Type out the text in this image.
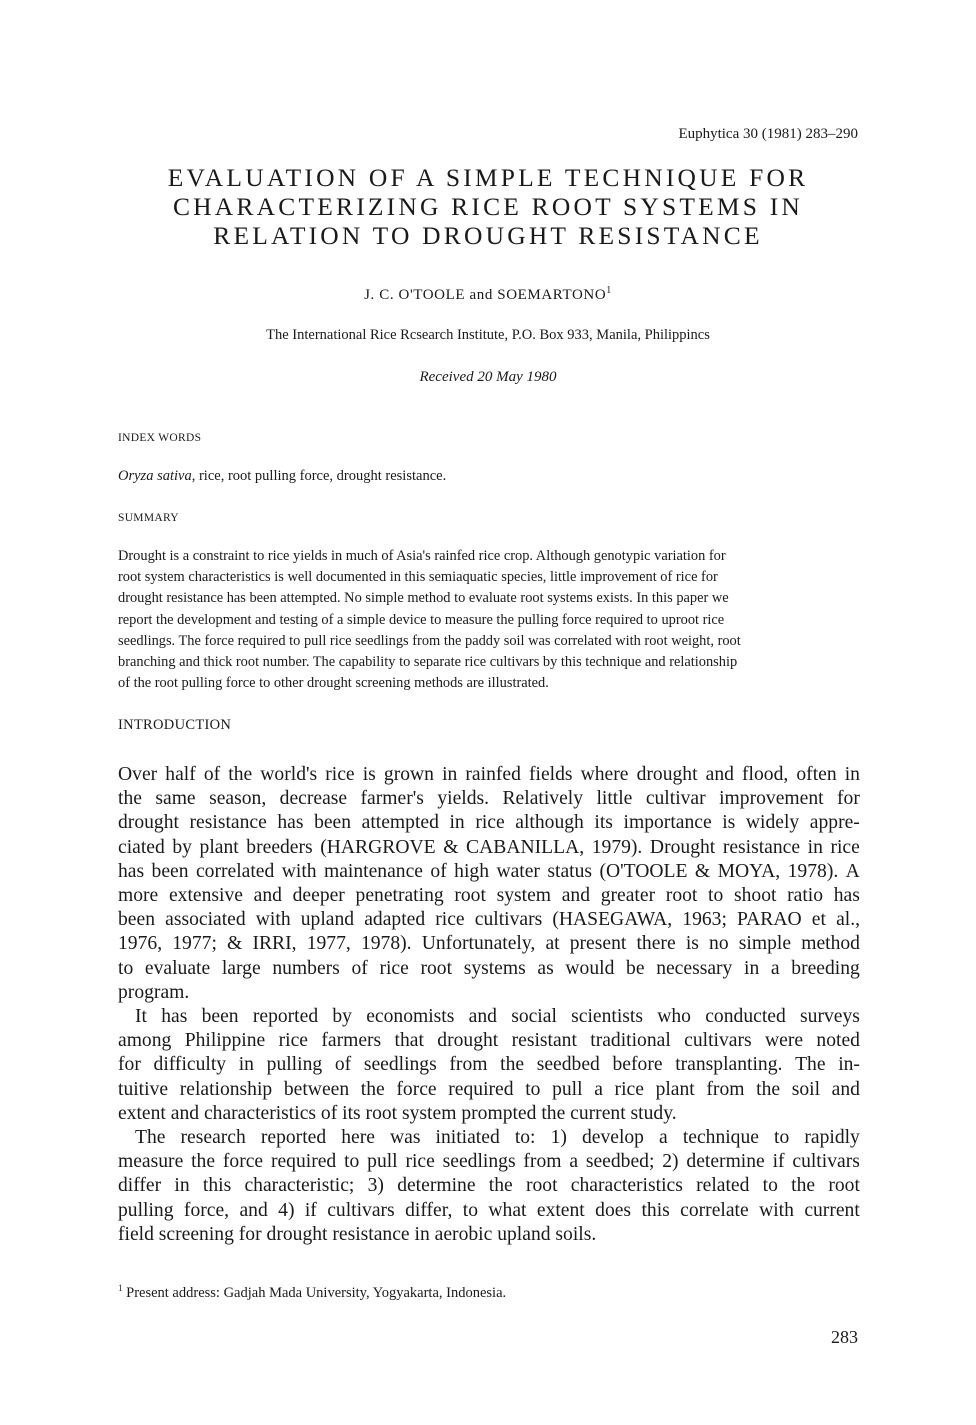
Euphytica 30 (1981) 283–290
EVALUATION OF A SIMPLE TECHNIQUE FOR
CHARACTERIZING RICE ROOT SYSTEMS IN
RELATION TO DROUGHT RESISTANCE
J. C. O'TOOLE and SOEMARTONO$^1$
The International Rice Rcsearch Institute, P.O. Box 933, Manila, Philippincs
Received 20 May 1980
INDEX WORDS
Oryza sativa, rice, root pulling force, drought resistance.
SUMMARY
Drought is a constraint to rice yields in much of Asia's rainfed rice crop. Although genotypic variation for
root system characteristics is well documented in this semiaquatic species, little improvement of rice for
drought resistance has been attempted. No simple method to evaluate root systems exists. In this paper we
report the development and testing of a simple device to measure the pulling force required to uproot rice
seedlings. The force required to pull rice seedlings from the paddy soil was correlated with root weight, root
branching and thick root number. The capability to separate rice cultivars by this technique and relationship
of the root pulling force to other drought screening methods are illustrated.
INTRODUCTION
Over half of the world's rice is grown in rainfed fields where drought and flood, often in
the same season, decrease farmer's yields. Relatively little cultivar improvement for
drought resistance has been attempted in rice although its importance is widely appre-
ciated by plant breeders (HARGROVE & CABANILLA, 1979). Drought resistance in rice
has been correlated with maintenance of high water status (O'TOOLE & MOYA, 1978). A
more extensive and deeper penetrating root system and greater root to shoot ratio has
been associated with upland adapted rice cultivars (HASEGAWA, 1963; PARAO et al.,
1976, 1977; & IRRI, 1977, 1978). Unfortunately, at present there is no simple method
to evaluate large numbers of rice root systems as would be necessary in a breeding
program.
It has been reported by economists and social scientists who conducted surveys
among Philippine rice farmers that drought resistant traditional cultivars were noted
for difficulty in pulling of seedlings from the seedbed before transplanting. The in-
tuitive relationship between the force required to pull a rice plant from the soil and
extent and characteristics of its root system prompted the current study.
The research reported here was initiated to: 1) develop a technique to rapidly
measure the force required to pull rice seedlings from a seedbed; 2) determine if cultivars
differ in this characteristic; 3) determine the root characteristics related to the root
pulling force, and 4) if cultivars differ, to what extent does this correlate with current
field screening for drought resistance in aerobic upland soils.
$^1$ Present address: Gadjah Mada University, Yogyakarta, Indonesia.
283
